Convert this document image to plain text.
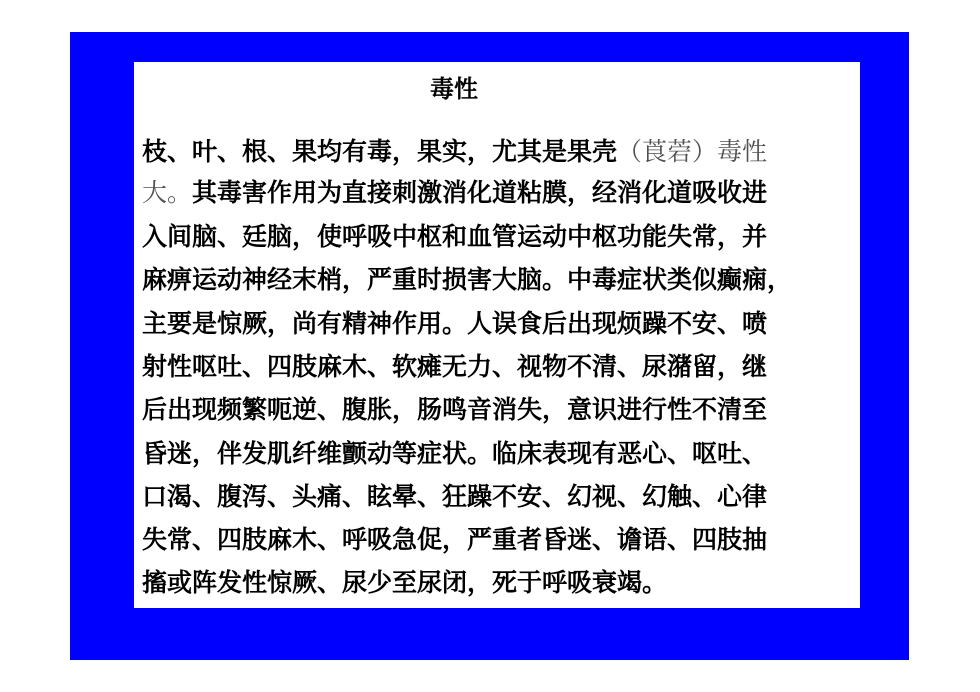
毒性
枝、叶、根、果均有毒，果实，尤其是果壳（莨菪）毒性
大。其毒害作用为直接刺激消化道粘膜，经消化道吸收进
入间脑、廷脑，使呼吸中枢和血管运动中枢功能失常，并
麻痹运动神经末梢，严重时损害大脑。中毒症状类似癫痫，
主要是惊厥，尚有精神作用。人误食后出现烦躁不安、喷
射性呕吐、四肢麻木、软瘫无力、视物不清、尿潴留，继
后出现频繁呃逆、腹胀，肠鸣音消失，意识进行性不清至
昏迷，伴发肌纤维颤动等症状。临床表现有恶心、呕吐、
口渴、腹泻、头痛、眩晕、狂躁不安、幻视、幻触、心律
失常、四肢麻木、呼吸急促，严重者昏迷、谵语、四肢抽
搐或阵发性惊厥、尿少至尿闭，死于呼吸衰竭。
